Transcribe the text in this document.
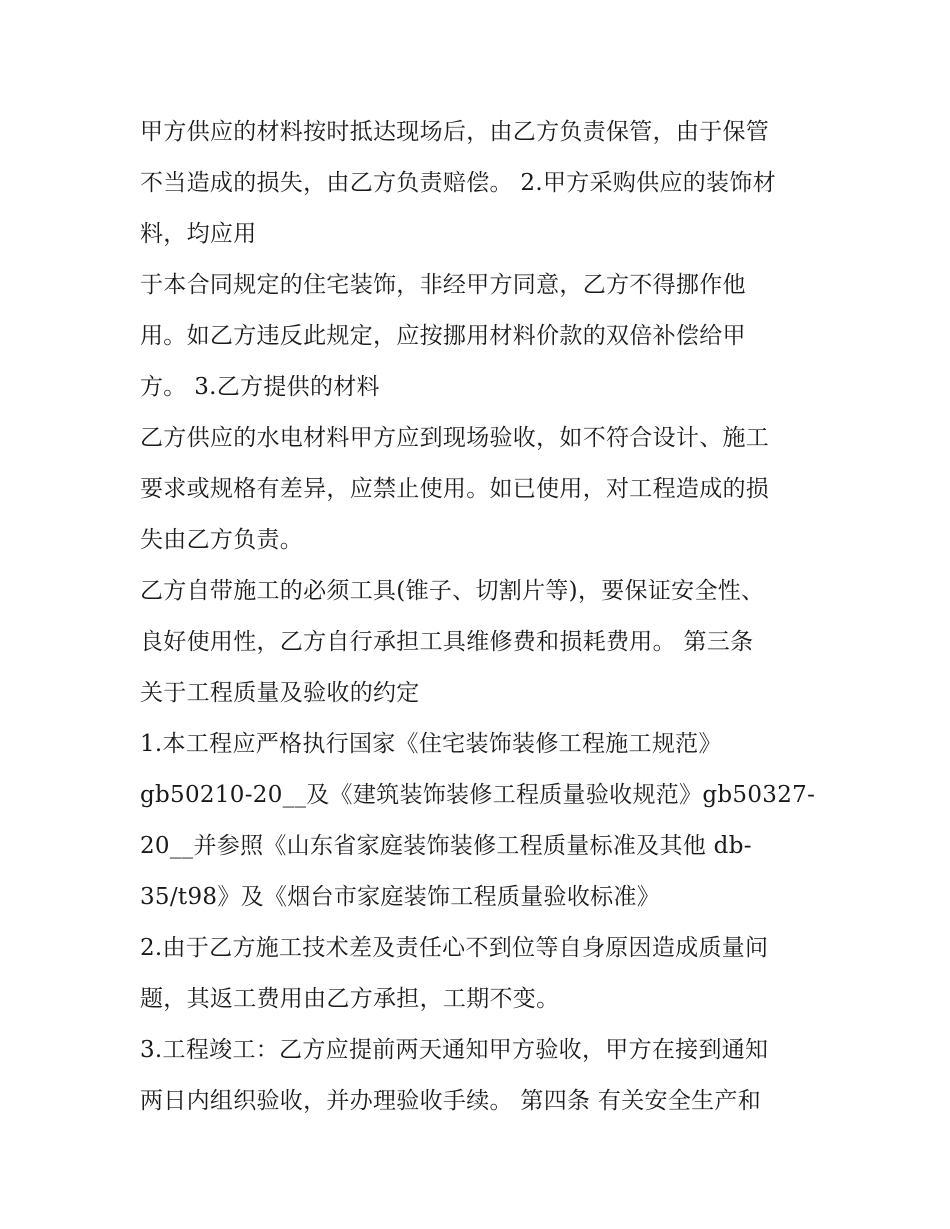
甲方供应的材料按时抵达现场后，由乙方负责保管，由于保管
不当造成的损失，由乙方负责赔偿。 2.甲方采购供应的装饰材
料，均应用
于本合同规定的住宅装饰，非经甲方同意，乙方不得挪作他
用。如乙方违反此规定，应按挪用材料价款的双倍补偿给甲
方。 3.乙方提供的材料
乙方供应的水电材料甲方应到现场验收，如不符合设计、施工
要求或规格有差异，应禁止使用。如已使用，对工程造成的损
失由乙方负责。
乙方自带施工的必须工具(锥子、切割片等)，要保证安全性、
良好使用性，乙方自行承担工具维修费和损耗费用。 第三条
关于工程质量及验收的约定
1.本工程应严格执行国家《住宅装饰装修工程施工规范》
gb50210-20__及《建筑装饰装修工程质量验收规范》gb50327-
20__并参照《山东省家庭装饰装修工程质量标准及其他 db-
35/t98》及《烟台市家庭装饰工程质量验收标准》
2.由于乙方施工技术差及责任心不到位等自身原因造成质量问
题，其返工费用由乙方承担，工期不变。
3.工程竣工：乙方应提前两天通知甲方验收，甲方在接到通知
两日内组织验收，并办理验收手续。 第四条 有关安全生产和
